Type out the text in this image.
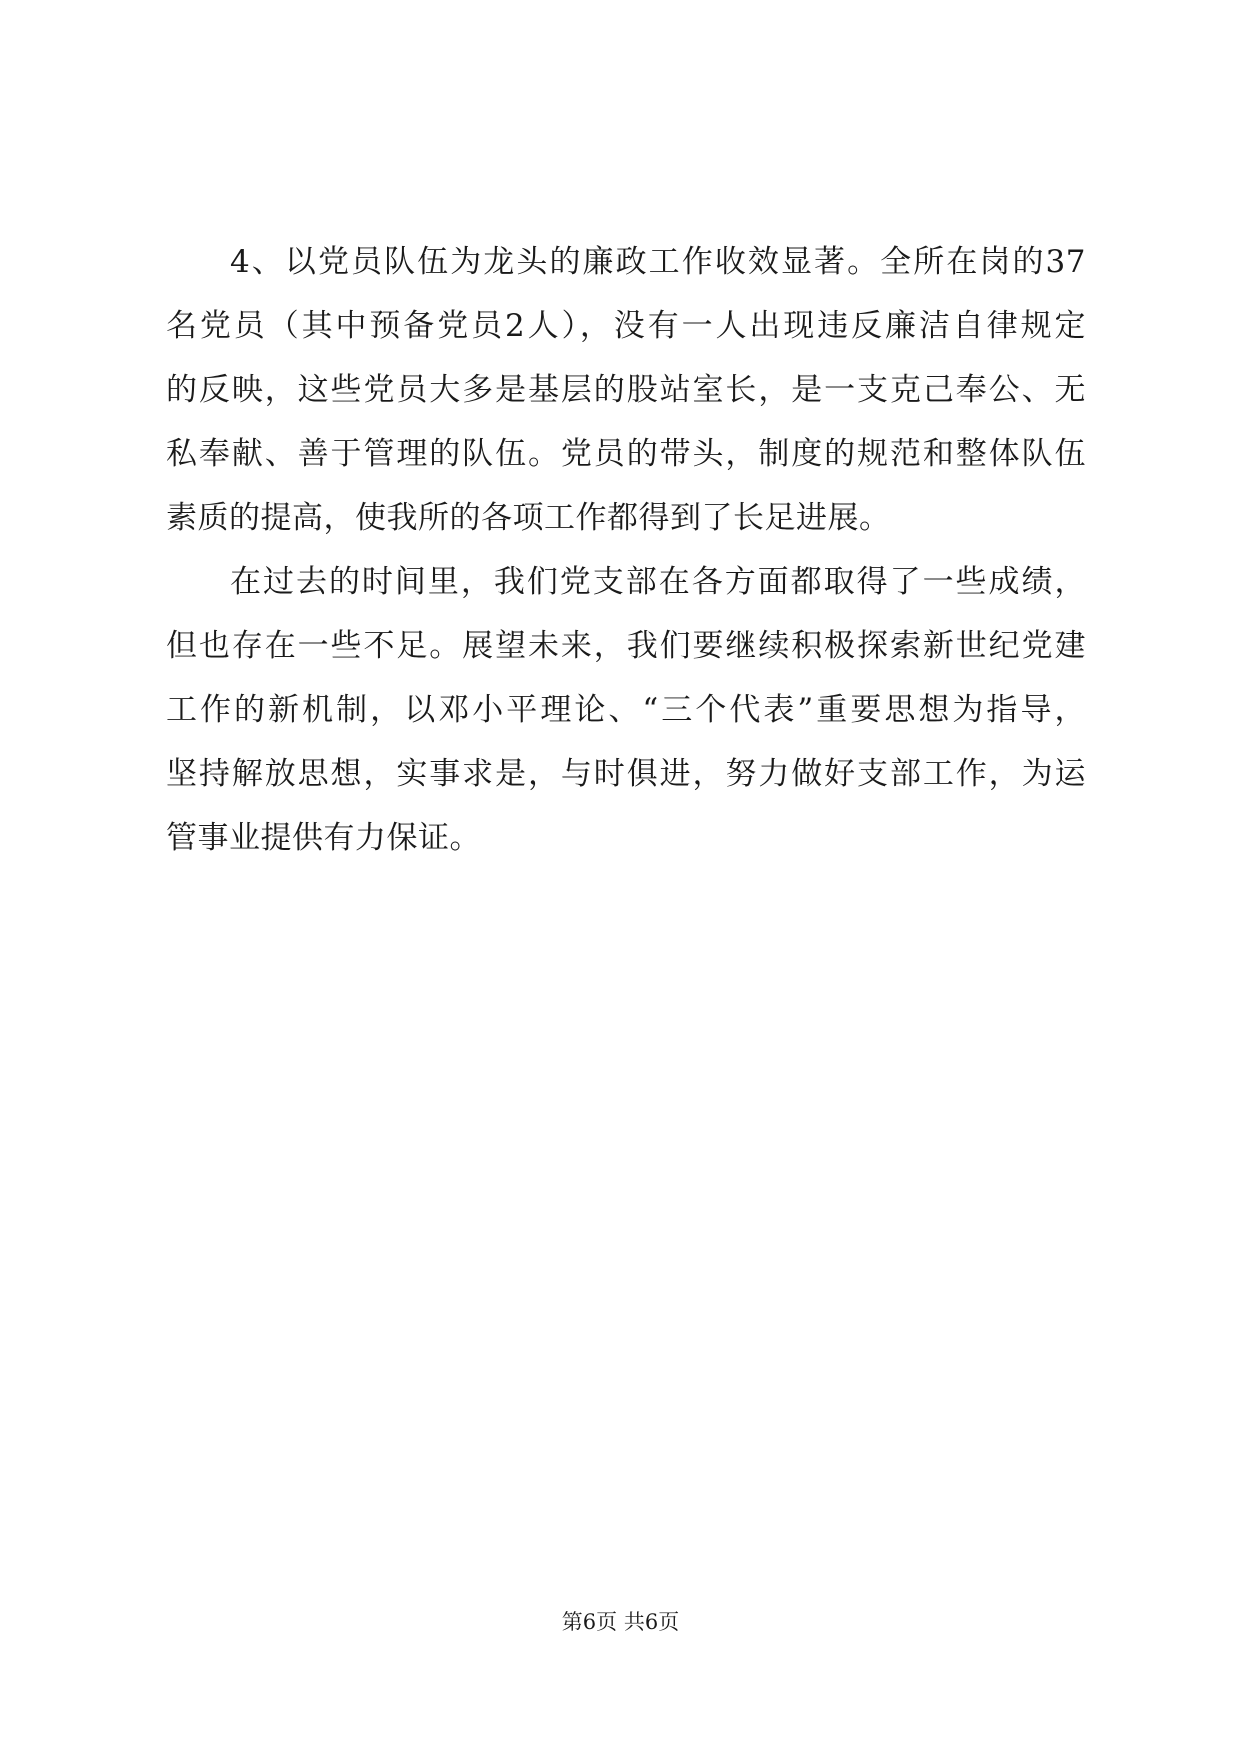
4、以党员队伍为龙头的廉政工作收效显著。全所在岗的37
名党员（其中预备党员2人），没有一人出现违反廉洁自律规定
的反映，这些党员大多是基层的股站室长，是一支克己奉公、无
私奉献、善于管理的队伍。党员的带头，制度的规范和整体队伍
素质的提高，使我所的各项工作都得到了长足进展。
在过去的时间里，我们党支部在各方面都取得了一些成绩，
但也存在一些不足。展望未来，我们要继续积极探索新世纪党建
工作的新机制，以邓小平理论、“三个代表”重要思想为指导，
坚持解放思想，实事求是，与时俱进，努力做好支部工作，为运
管事业提供有力保证。
第6页 共6页
